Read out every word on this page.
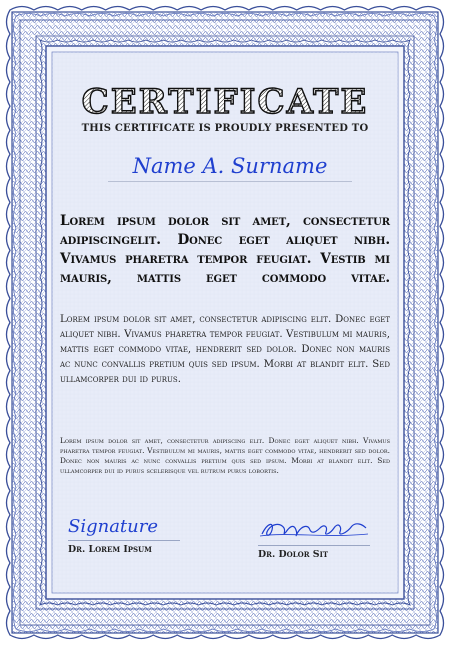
CERTIFICATE
THIS CERTIFICATE IS PROUDLY PRESENTED TO
Name A. Surname
Lorem ipsum dolor sit amet, consectetur adipiscingelit. Donec eget aliquet nibh. Vivamus pharetra tempor feugiat. Vestib mi mauris, mattis eget commodo vitae.
Lorem ipsum dolor sit amet, consectetur adipiscing elit. Donec eget aliquet nibh. Vivamus pharetra tempor feugiat. Vestibulum mi mauris, mattis eget commodo vitae, hendrerit sed dolor. Donec non mauris ac nunc convallis pretium quis sed ipsum. Morbi at blandit elit. Sed ullamcorper dui id purus.
Lorem ipsum dolor sit amet, consectetur adipiscing elit. Donec eget aliquet nibh. Vivamus pharetra tempor feugiat. Vestibulum mi mauris, mattis eget commodo vitae, hendrerit sed dolor. Donec non mauris ac nunc convallis pretium quis sed ipsum. Morbi at blandit elit. Sed ullamcorper dui id purus scelerisque vel rutrum purus lobortis.
Signature
Dr. Lorem Ipsum	Dr. Dolor Sit
